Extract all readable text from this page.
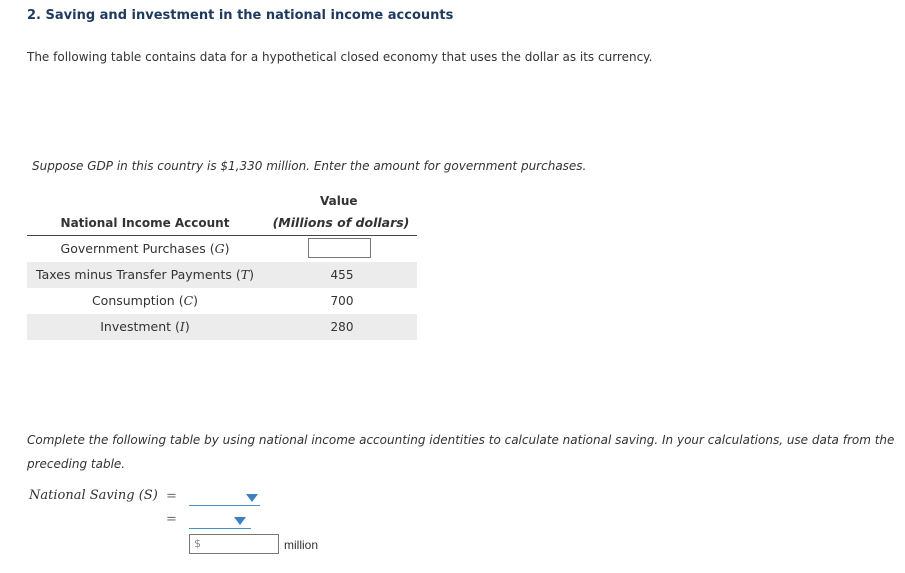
2. Saving and investment in the national income accounts
The following table contains data for a hypothetical closed economy that uses the dollar as its currency.
Suppose GDP in this country is $1,330 million. Enter the amount for government purchases.
Value
National Income Account	(Millions of dollars)
Government Purchases (G)
Taxes minus Transfer Payments (T)	455
Consumption (C)	700
Investment (I)	280
Complete the following table by using national income accounting identities to calculate national saving. In your calculations, use data from the preceding table.
National Saving (S) =
=
$	million
